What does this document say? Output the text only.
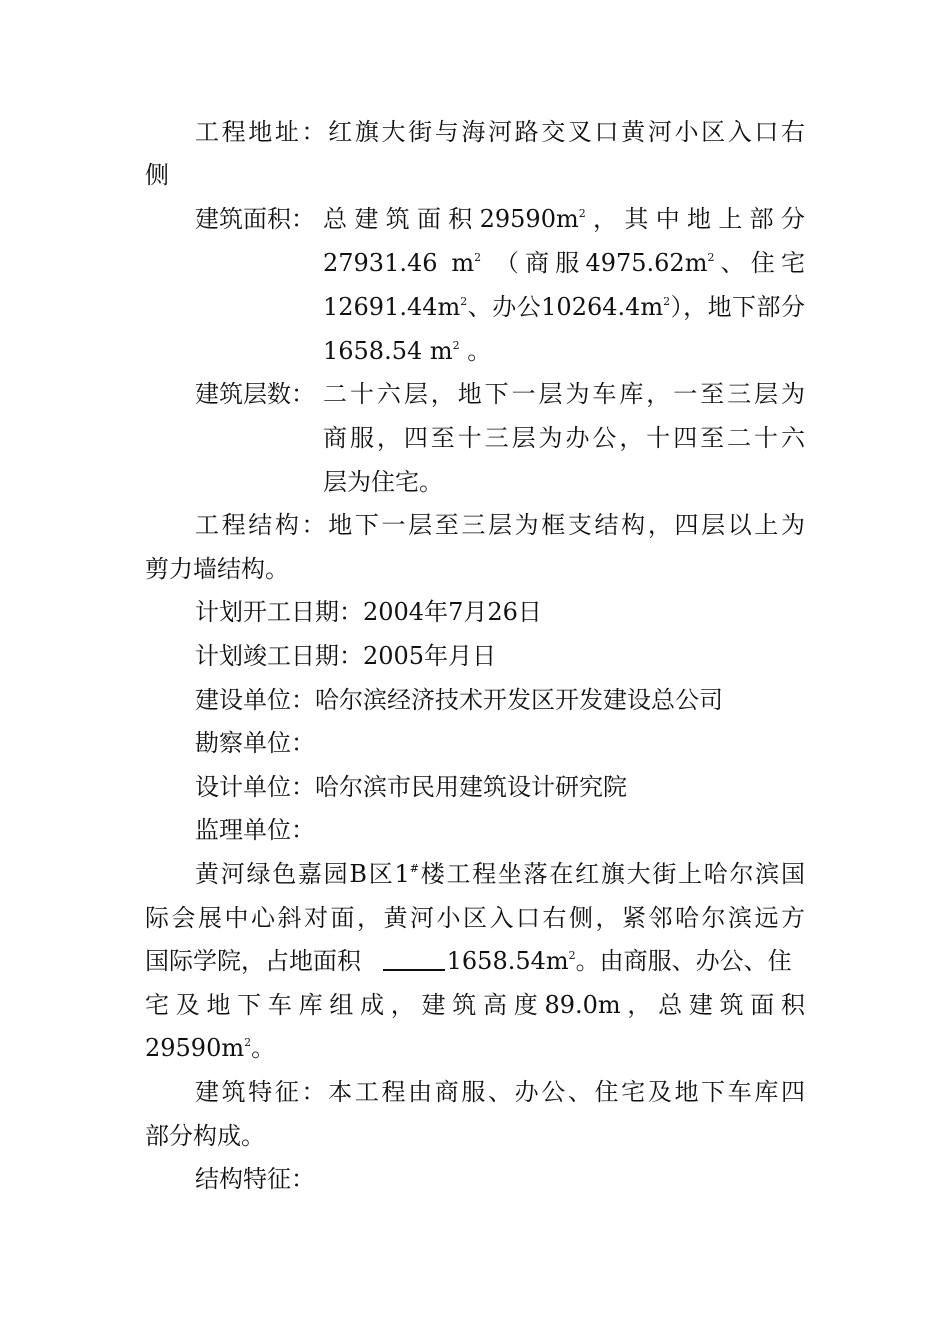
工程地址：红旗大街与海河路交叉口黄河小区入口右
侧
建筑面积： 总建筑面积$29590m^2$，其中地上部分
27931.46 $m^2$ （商服$4975.62m^2$、住宅
$12691.44m^2$、办公$10264.4m^2$），地下部分
1658.54 $m^2$ 。
建筑层数： 二十六层，地下一层为车库，一至三层为
商服，四至十三层为办公，十四至二十六
层为住宅。
工程结构：地下一层至三层为框支结构，四层以上为
剪力墙结构。
计划开工日期：2004年7月26日
计划竣工日期：2005年月日
建设单位：哈尔滨经济技术开发区开发建设总公司
勘察单位：
设计单位：哈尔滨市民用建筑设计研究院
监理单位：
黄河绿色嘉园B区1#楼工程坐落在红旗大街上哈尔滨国
际会展中心斜对面，黄河小区入口右侧，紧邻哈尔滨远方
国际学院，占地面积	$1658.54m^2$。由商服、办公、住
宅及地下车库组成，建筑高度89.0m，总建筑面积
$29590m^2$。
建筑特征：本工程由商服、办公、住宅及地下车库四
部分构成。
结构特征：
